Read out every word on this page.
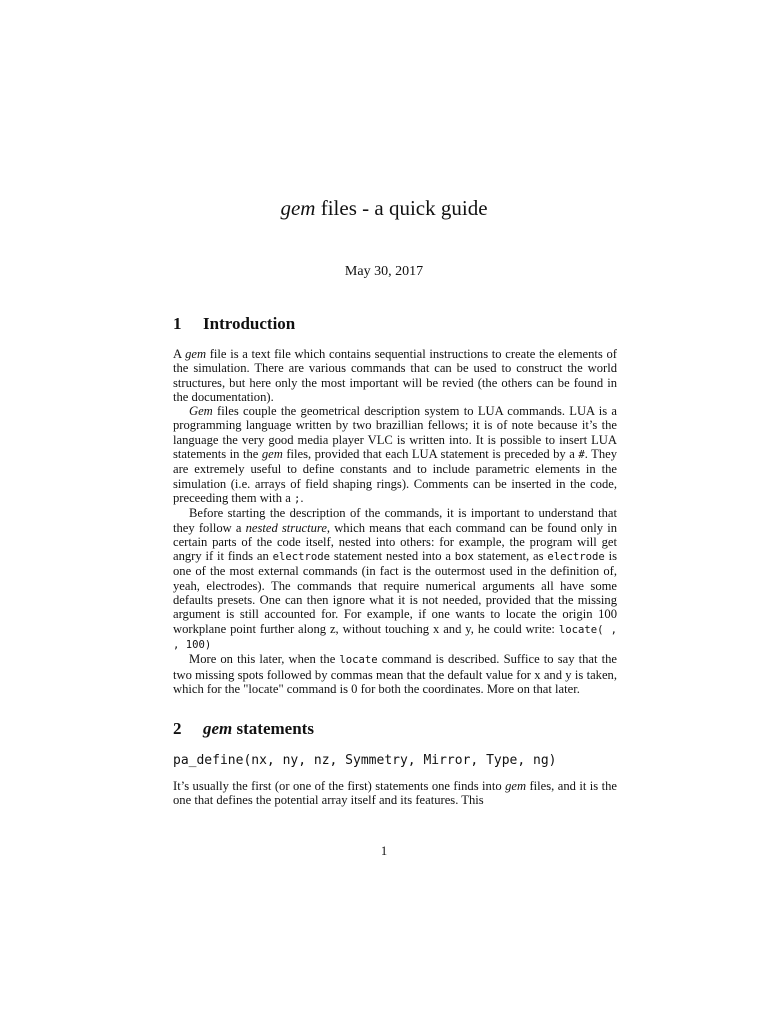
gem files - a quick guide
May 30, 2017
1 Introduction

A gem file is a text file which contains sequential instructions to create the elements of the simulation. There are various commands that can be used to construct the world structures, but here only the most important will be revied (the others can be found in the documentation).

Gem files couple the geometrical description system to LUA commands. LUA is a programming language written by two brazillian fellows; it is of note because it’s the language the very good media player VLC is written into. It is possible to insert LUA statements in the gem files, provided that each LUA statement is preceded by a #. They are extremely useful to define constants and to include parametric elements in the simulation (i.e. arrays of field shaping rings). Comments can be inserted in the code, preceeding them with a ;.

Before starting the description of the commands, it is important to understand that they follow a nested structure, which means that each command can be found only in certain parts of the code itself, nested into others: for example, the program will get angry if it finds an electrode statement nested into a box statement, as electrode is one of the most external commands (in fact is the outermost used in the definition of, yeah, electrodes). The commands that require numerical arguments all have some defaults presets. One can then ignore what it is not needed, provided that the missing argument is still accounted for. For example, if one wants to locate the origin 100 workplane point further along z, without touching x and y, he could write: locate( , , 100)

More on this later, when the locate command is described. Suffice to say that the two missing spots followed by commas mean that the default value for x and y is taken, which for the "locate" command is 0 for both the coordinates. More on that later.

2 gem statements
pa_define(nx, ny, nz, Symmetry, Mirror, Type, ng)

It’s usually the first (or one of the first) statements one finds into gem files, and it is the one that defines the potential array itself and its features. This

1
